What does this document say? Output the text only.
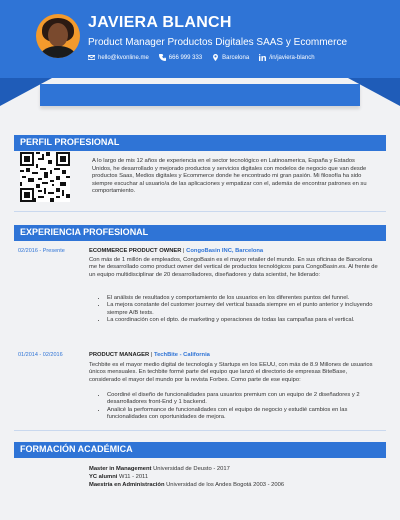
JAVIERA BLANCH
Product Manager Productos Digitales SAAS y Ecommerce
hello@kvonline.me	666 999 333	Barcelona	/in/javiera-blanch
PERFIL PROFESIONAL
A lo largo de mis 12 años de experiencia en el sector tecnológico en Latinoamerica, España y Estados Unidos, he desarrollado y mejorado productos y servicios digitales con modelos de negocio que van desde productos Saas, Medios digitales y Ecommerce donde he encontrado mi gran pasión. Mi filosofía ha sido siempre escuchar al usuario/a de las aplicaciones y empatizar con el, además de encontrar patrones en su comportamiento.
EXPERIENCIA PROFESIONAL
02/2016 - Presente	ECOMMERCE PRODUCT OWNER | CongoBasin INC, Barcelona
Con más de 1 millón de empleados, CongoBasin es el mayor retailer del mundo. En sus oficinas de Barcelona me he desarrollado como product owner del vertical de productos tecnológicos para CongoBasin.es. Al frente de un equipo multidisciplinar de 20 desarrolladores, diseñadores y data scientist, he liderado:
• El análisis de resultados y comportamiento de los usuarios en los diferentes puntos del funnel.
• La mejora constante del customer journey del vertical basada siempre en el punto anterior y incluyendo siempre A/B tests.
• La coordinación con el dpto. de marketing y operaciones de todas las campañas para el vertical.
01/2014 - 02/2016	PRODUCT MANAGER | TechBite - California
Techbite es el mayor medio digital de tecnología y Startups en los EEUU, con más de 8.9 Millones de usuarios únicos mensuales. En techbite formé parte del equipo que lanzó el directorio de empresas BiteBase, considerado el mayor del mundo por la revista Forbes. Como parte de ese equipo:
• Coordiné el diseño de funcionalidades para usuarios premium con un equipo de 2 diseñadores y 2 desarrolladores front-End y 1 backend.
• Analicé la performance de funcionalidades con el equipo de negocio y estudié cambios en las funcionalidades con oportunidades de mejora.
FORMACIÓN ACADÉMICA
Master in Management Universidad de Deusto - 2017
YC alumni W11 - 2011
Maestría en Administración Universidad de los Andes Bogotá 2003 - 2006
